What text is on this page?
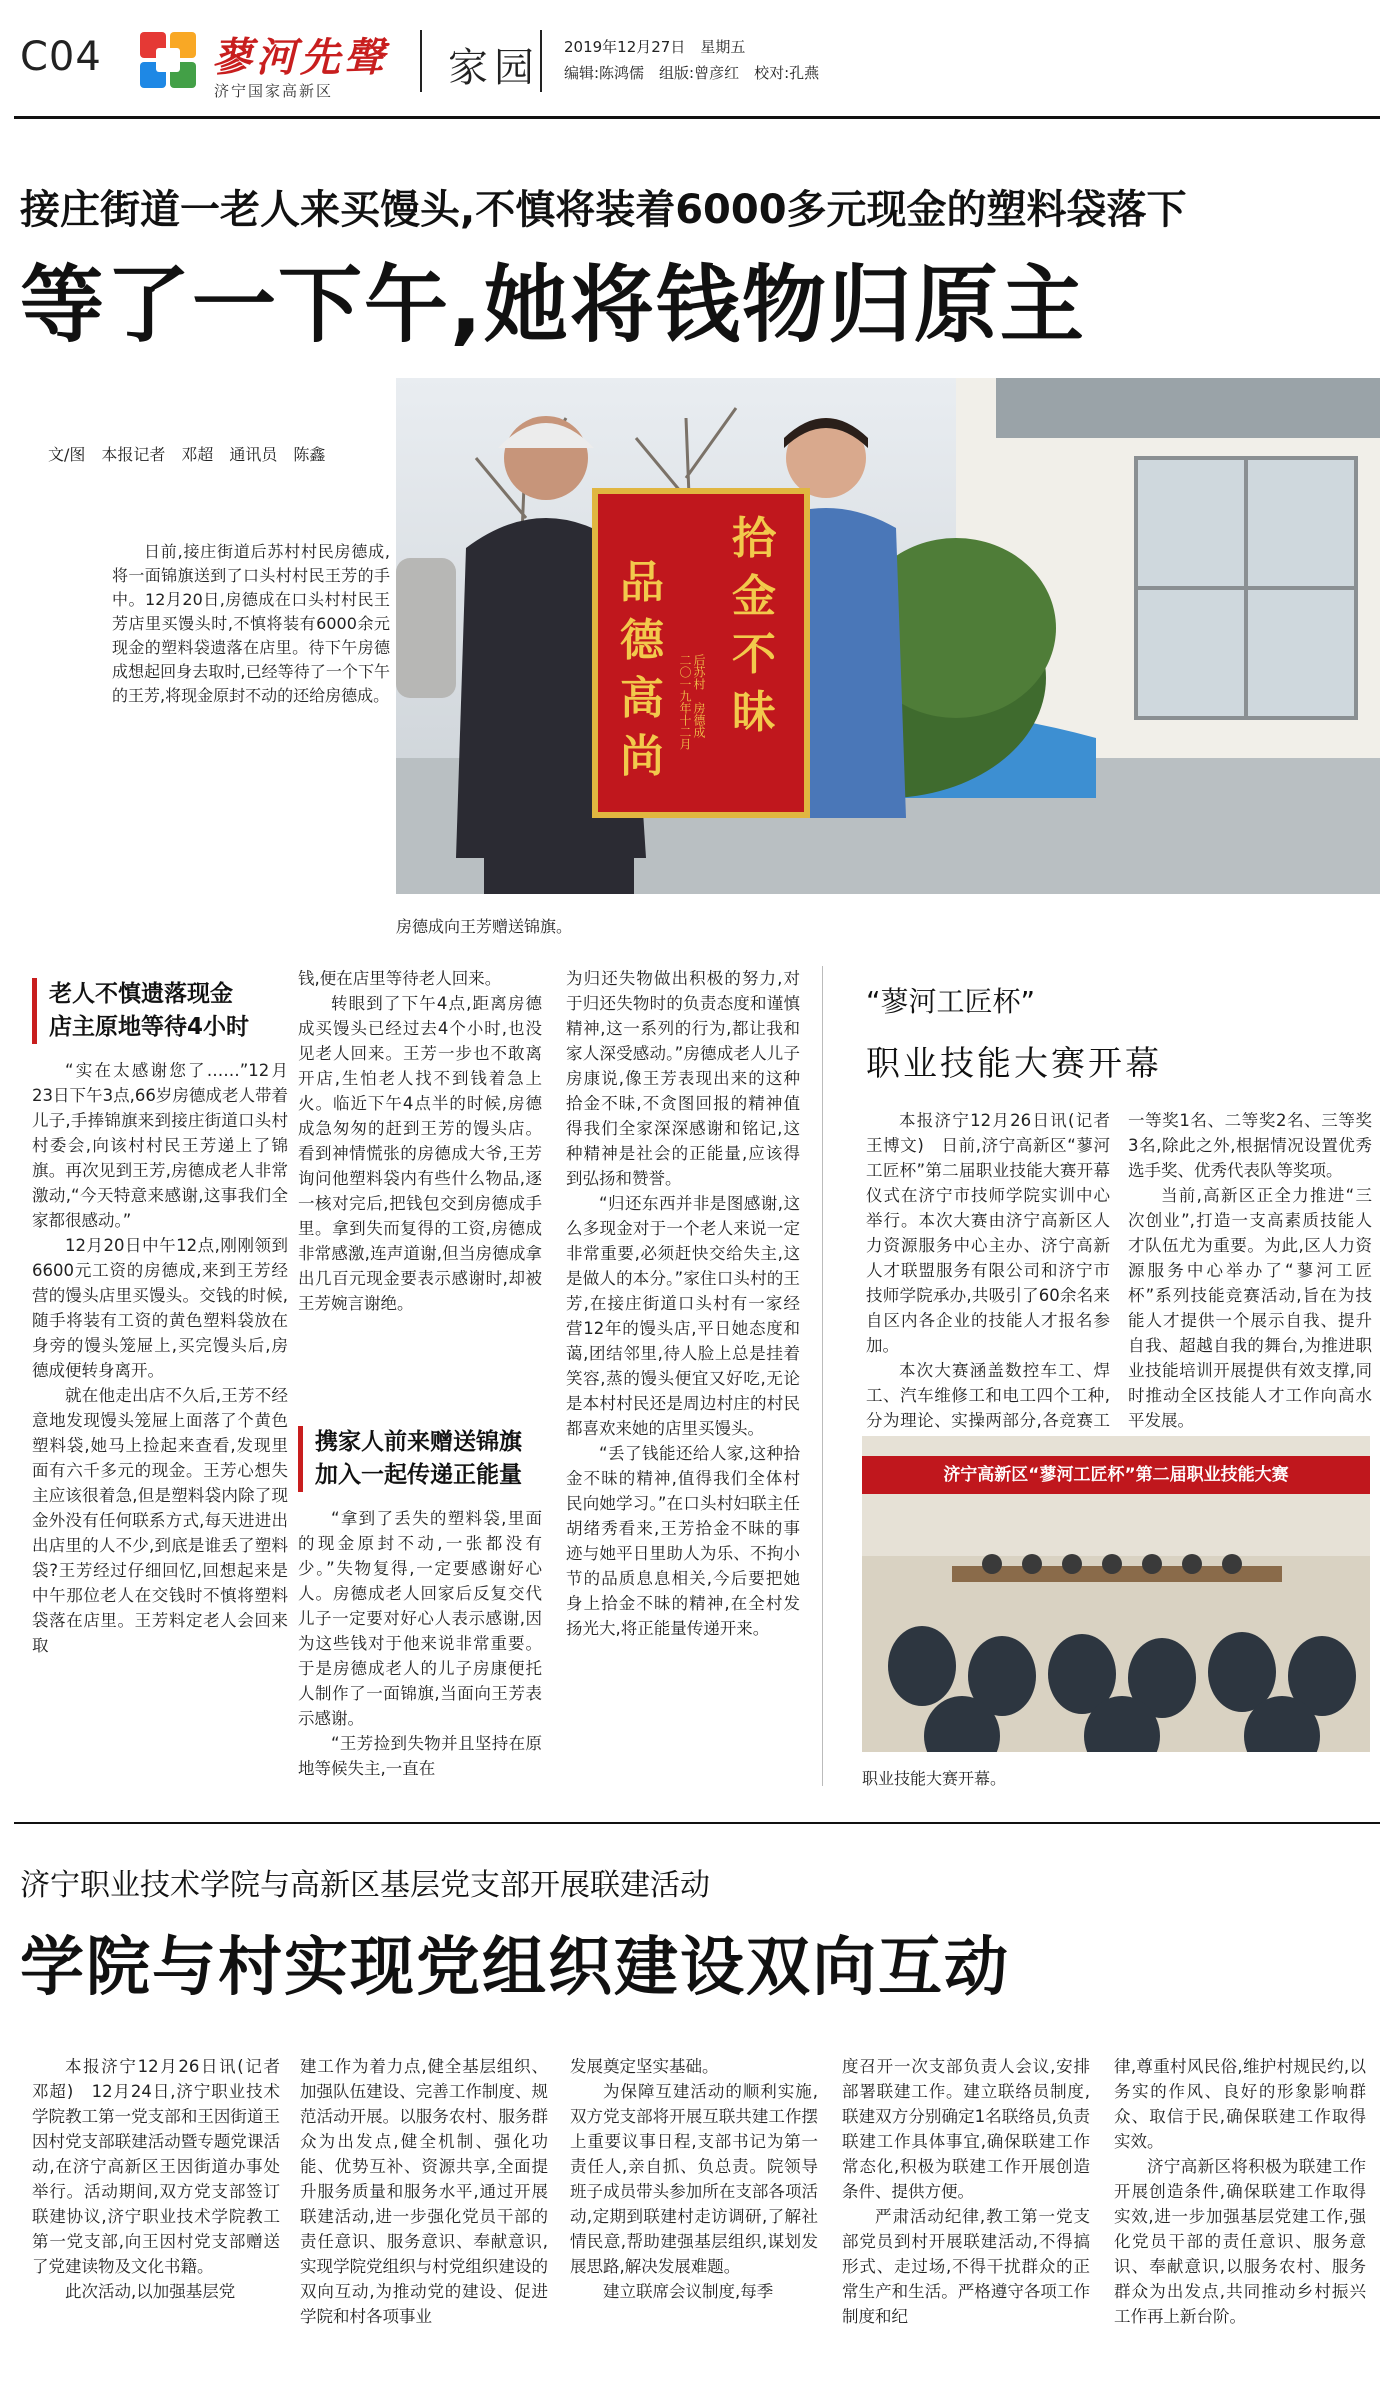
C04	蓼河先聲
济宁国家高新区	家园 2019年12月27日　星期五
编辑:陈鸿儒　组版:曾彦红　校对:孔燕
接庄街道一老人来买馒头,不慎将装着6000多元现金的塑料袋落下
等了一下午,她将钱物归原主
文/图　本报记者　邓超　通讯员　陈鑫

日前,接庄街道后苏村村民房德成,将一面锦旗送到了口头村村民王芳的手中。12月20日,房德成在口头村村民王芳店里买馒头时,不慎将装有6000余元现金的塑料袋遗落在店里。待下午房德成想起回身去取时,已经等待了一个下午的王芳,将现金原封不动的还给房德成。

拾
金
不
昧
品
德
高
尚
后苏村　房德成
二〇一九年十二月
房德成向王芳赠送锦旗。
老人不慎遗落现金
店主原地等待4小时

“实在太感谢您了……”12月23日下午3点,66岁房德成老人带着儿子,手捧锦旗来到接庄街道口头村村委会,向该村村民王芳递上了锦旗。再次见到王芳,房德成老人非常激动,“今天特意来感谢,这事我们全家都很感动。”

12月20日中午12点,刚刚领到6600元工资的房德成,来到王芳经营的馒头店里买馒头。交钱的时候,随手将装有工资的黄色塑料袋放在身旁的馒头笼屉上,买完馒头后,房德成便转身离开。

就在他走出店不久后,王芳不经意地发现馒头笼屉上面落了个黄色塑料袋,她马上捡起来查看,发现里面有六千多元的现金。王芳心想失主应该很着急,但是塑料袋内除了现金外没有任何联系方式,每天进进出出店里的人不少,到底是谁丢了塑料袋?王芳经过仔细回忆,回想起来是中午那位老人在交钱时不慎将塑料袋落在店里。王芳料定老人会回来取

钱,便在店里等待老人回来。

转眼到了下午4点,距离房德成买馒头已经过去4个小时,也没见老人回来。王芳一步也不敢离开店,生怕老人找不到钱着急上火。临近下午4点半的时候,房德成急匆匆的赶到王芳的馒头店。看到神情慌张的房德成大爷,王芳询问他塑料袋内有些什么物品,逐一核对完后,把钱包交到房德成手里。拿到失而复得的工资,房德成非常感激,连声道谢,但当房德成拿出几百元现金要表示感谢时,却被王芳婉言谢绝。

携家人前来赠送锦旗
加入一起传递正能量

“拿到了丢失的塑料袋,里面的现金原封不动,一张都没有少。”失物复得,一定要感谢好心人。房德成老人回家后反复交代儿子一定要对好心人表示感谢,因为这些钱对于他来说非常重要。于是房德成老人的儿子房康便托人制作了一面锦旗,当面向王芳表示感谢。

“王芳捡到失物并且坚持在原地等候失主,一直在

为归还失物做出积极的努力,对于归还失物时的负责态度和谨慎精神,这一系列的行为,都让我和家人深受感动。”房德成老人儿子房康说,像王芳表现出来的这种拾金不昧,不贪图回报的精神值得我们全家深深感谢和铭记,这种精神是社会的正能量,应该得到弘扬和赞誉。

“归还东西并非是图感谢,这么多现金对于一个老人来说一定非常重要,必须赶快交给失主,这是做人的本分。”家住口头村的王芳,在接庄街道口头村有一家经营12年的馒头店,平日她态度和蔼,团结邻里,待人脸上总是挂着笑容,蒸的馒头便宜又好吃,无论是本村村民还是周边村庄的村民都喜欢来她的店里买馒头。

“丢了钱能还给人家,这种拾金不昧的精神,值得我们全体村民向她学习。”在口头村妇联主任胡绪秀看来,王芳拾金不昧的事迹与她平日里助人为乐、不拘小节的品质息息相关,今后要把她身上拾金不昧的精神,在全村发扬光大,将正能量传递开来。

“蓼河工匠杯”
职业技能大赛开幕

本报济宁12月26日讯(记者　王博文)　日前,济宁高新区“蓼河工匠杯”第二届职业技能大赛开幕仪式在济宁市技师学院实训中心举行。本次大赛由济宁高新区人力资源服务中心主办、济宁高新人才联盟服务有限公司和济宁市技师学院承办,共吸引了60余名来自区内各企业的技能人才报名参加。

本次大赛涵盖数控车工、焊工、汽车维修工和电工四个工种,分为理论、实操两部分,各竞赛工

一等奖1名、二等奖2名、三等奖3名,除此之外,根据情况设置优秀选手奖、优秀代表队等奖项。

当前,高新区正全力推进“三次创业”,打造一支高素质技能人才队伍尤为重要。为此,区人力资源服务中心举办了“蓼河工匠杯”系列技能竞赛活动,旨在为技能人才提供一个展示自我、提升自我、超越自我的舞台,为推进职业技能培训开展提供有效支撑,同时推动全区技能人才工作向高水平发展。

济宁高新区“蓼河工匠杯”第二届职业技能大赛
职业技能大赛开幕。
济宁职业技术学院与高新区基层党支部开展联建活动
学院与村实现党组织建设双向互动

本报济宁12月26日讯(记者　邓超)　12月24日,济宁职业技术学院教工第一党支部和王因街道王因村党支部联建活动暨专题党课活动,在济宁高新区王因街道办事处举行。活动期间,双方党支部签订联建协议,济宁职业技术学院教工第一党支部,向王因村党支部赠送了党建读物及文化书籍。

此次活动,以加强基层党

建工作为着力点,健全基层组织、加强队伍建设、完善工作制度、规范活动开展。以服务农村、服务群众为出发点,健全机制、强化功能、优势互补、资源共享,全面提升服务质量和服务水平,通过开展联建活动,进一步强化党员干部的责任意识、服务意识、奉献意识,实现学院党组织与村党组织建设的双向互动,为推动党的建设、促进学院和村各项事业

发展奠定坚实基础。

为保障互建活动的顺利实施,双方党支部将开展互联共建工作摆上重要议事日程,支部书记为第一责任人,亲自抓、负总责。院领导班子成员带头参加所在支部各项活动,定期到联建村走访调研,了解社情民意,帮助建强基层组织,谋划发展思路,解决发展难题。

建立联席会议制度,每季

度召开一次支部负责人会议,安排部署联建工作。建立联络员制度,联建双方分别确定1名联络员,负责联建工作具体事宜,确保联建工作常态化,积极为联建工作开展创造条件、提供方便。

严肃活动纪律,教工第一党支部党员到村开展联建活动,不得搞形式、走过场,不得干扰群众的正常生产和生活。严格遵守各项工作制度和纪

律,尊重村风民俗,维护村规民约,以务实的作风、良好的形象影响群众、取信于民,确保联建工作取得实效。

济宁高新区将积极为联建工作开展创造条件,确保联建工作取得实效,进一步加强基层党建工作,强化党员干部的责任意识、服务意识、奉献意识,以服务农村、服务群众为出发点,共同推动乡村振兴工作再上新台阶。
